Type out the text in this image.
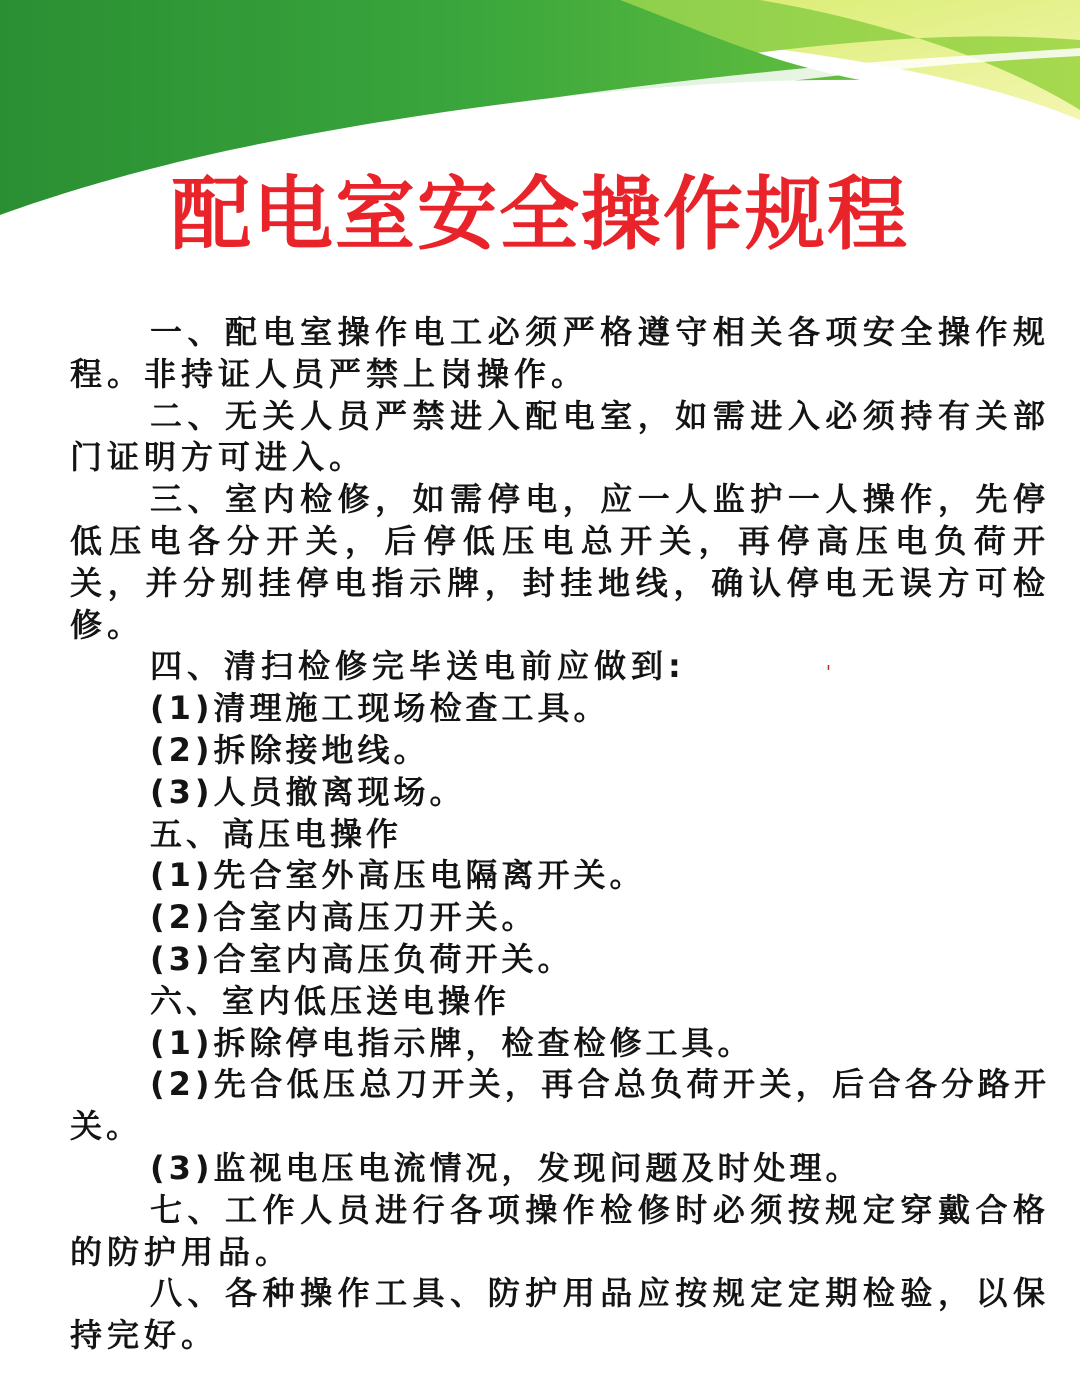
配电室安全操作规程

一、配电室操作电工必须严格遵守相关各项安全操作规程。非持证人员严禁上岗操作。

二、无关人员严禁进入配电室，如需进入必须持有关部门证明方可进入。

三、室内检修，如需停电，应一人监护一人操作，先停低压电各分开关，后停低压电总开关，再停高压电负荷开关，并分别挂停电指示牌，封挂地线，确认停电无误方可检修。

四、清扫检修完毕送电前应做到:

(1)清理施工现场检查工具。

(2)拆除接地线。

(3)人员撤离现场。

五、高压电操作

(1)先合室外高压电隔离开关。

(2)合室内高压刀开关。

(3)合室内高压负荷开关。

六、室内低压送电操作

(1)拆除停电指示牌，检查检修工具。

(2)先合低压总刀开关，再合总负荷开关，后合各分路开关。

(3)监视电压电流情况，发现问题及时处理。

七、工作人员进行各项操作检修时必须按规定穿戴合格的防护用品。

八、各种操作工具、防护用品应按规定定期检验，以保持完好。

'
